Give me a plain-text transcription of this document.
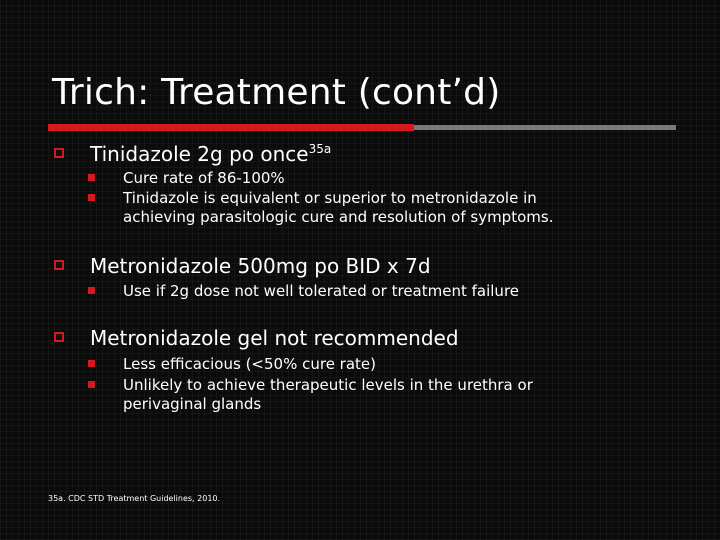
Trich: Treatment (cont’d)
Tinidazole 2g po once$^{35a}$
Cure rate of 86-100%
Tinidazole is equivalent or superior to metronidazole in achieving parasitologic cure and resolution of symptoms.
Metronidazole 500mg po BID x 7d
Use if 2g dose not well tolerated or treatment failure
Metronidazole gel not recommended
Less efficacious (<50% cure rate)
Unlikely to achieve therapeutic levels in the urethra or perivaginal glands
35a. CDC STD Treatment Guidelines, 2010.
